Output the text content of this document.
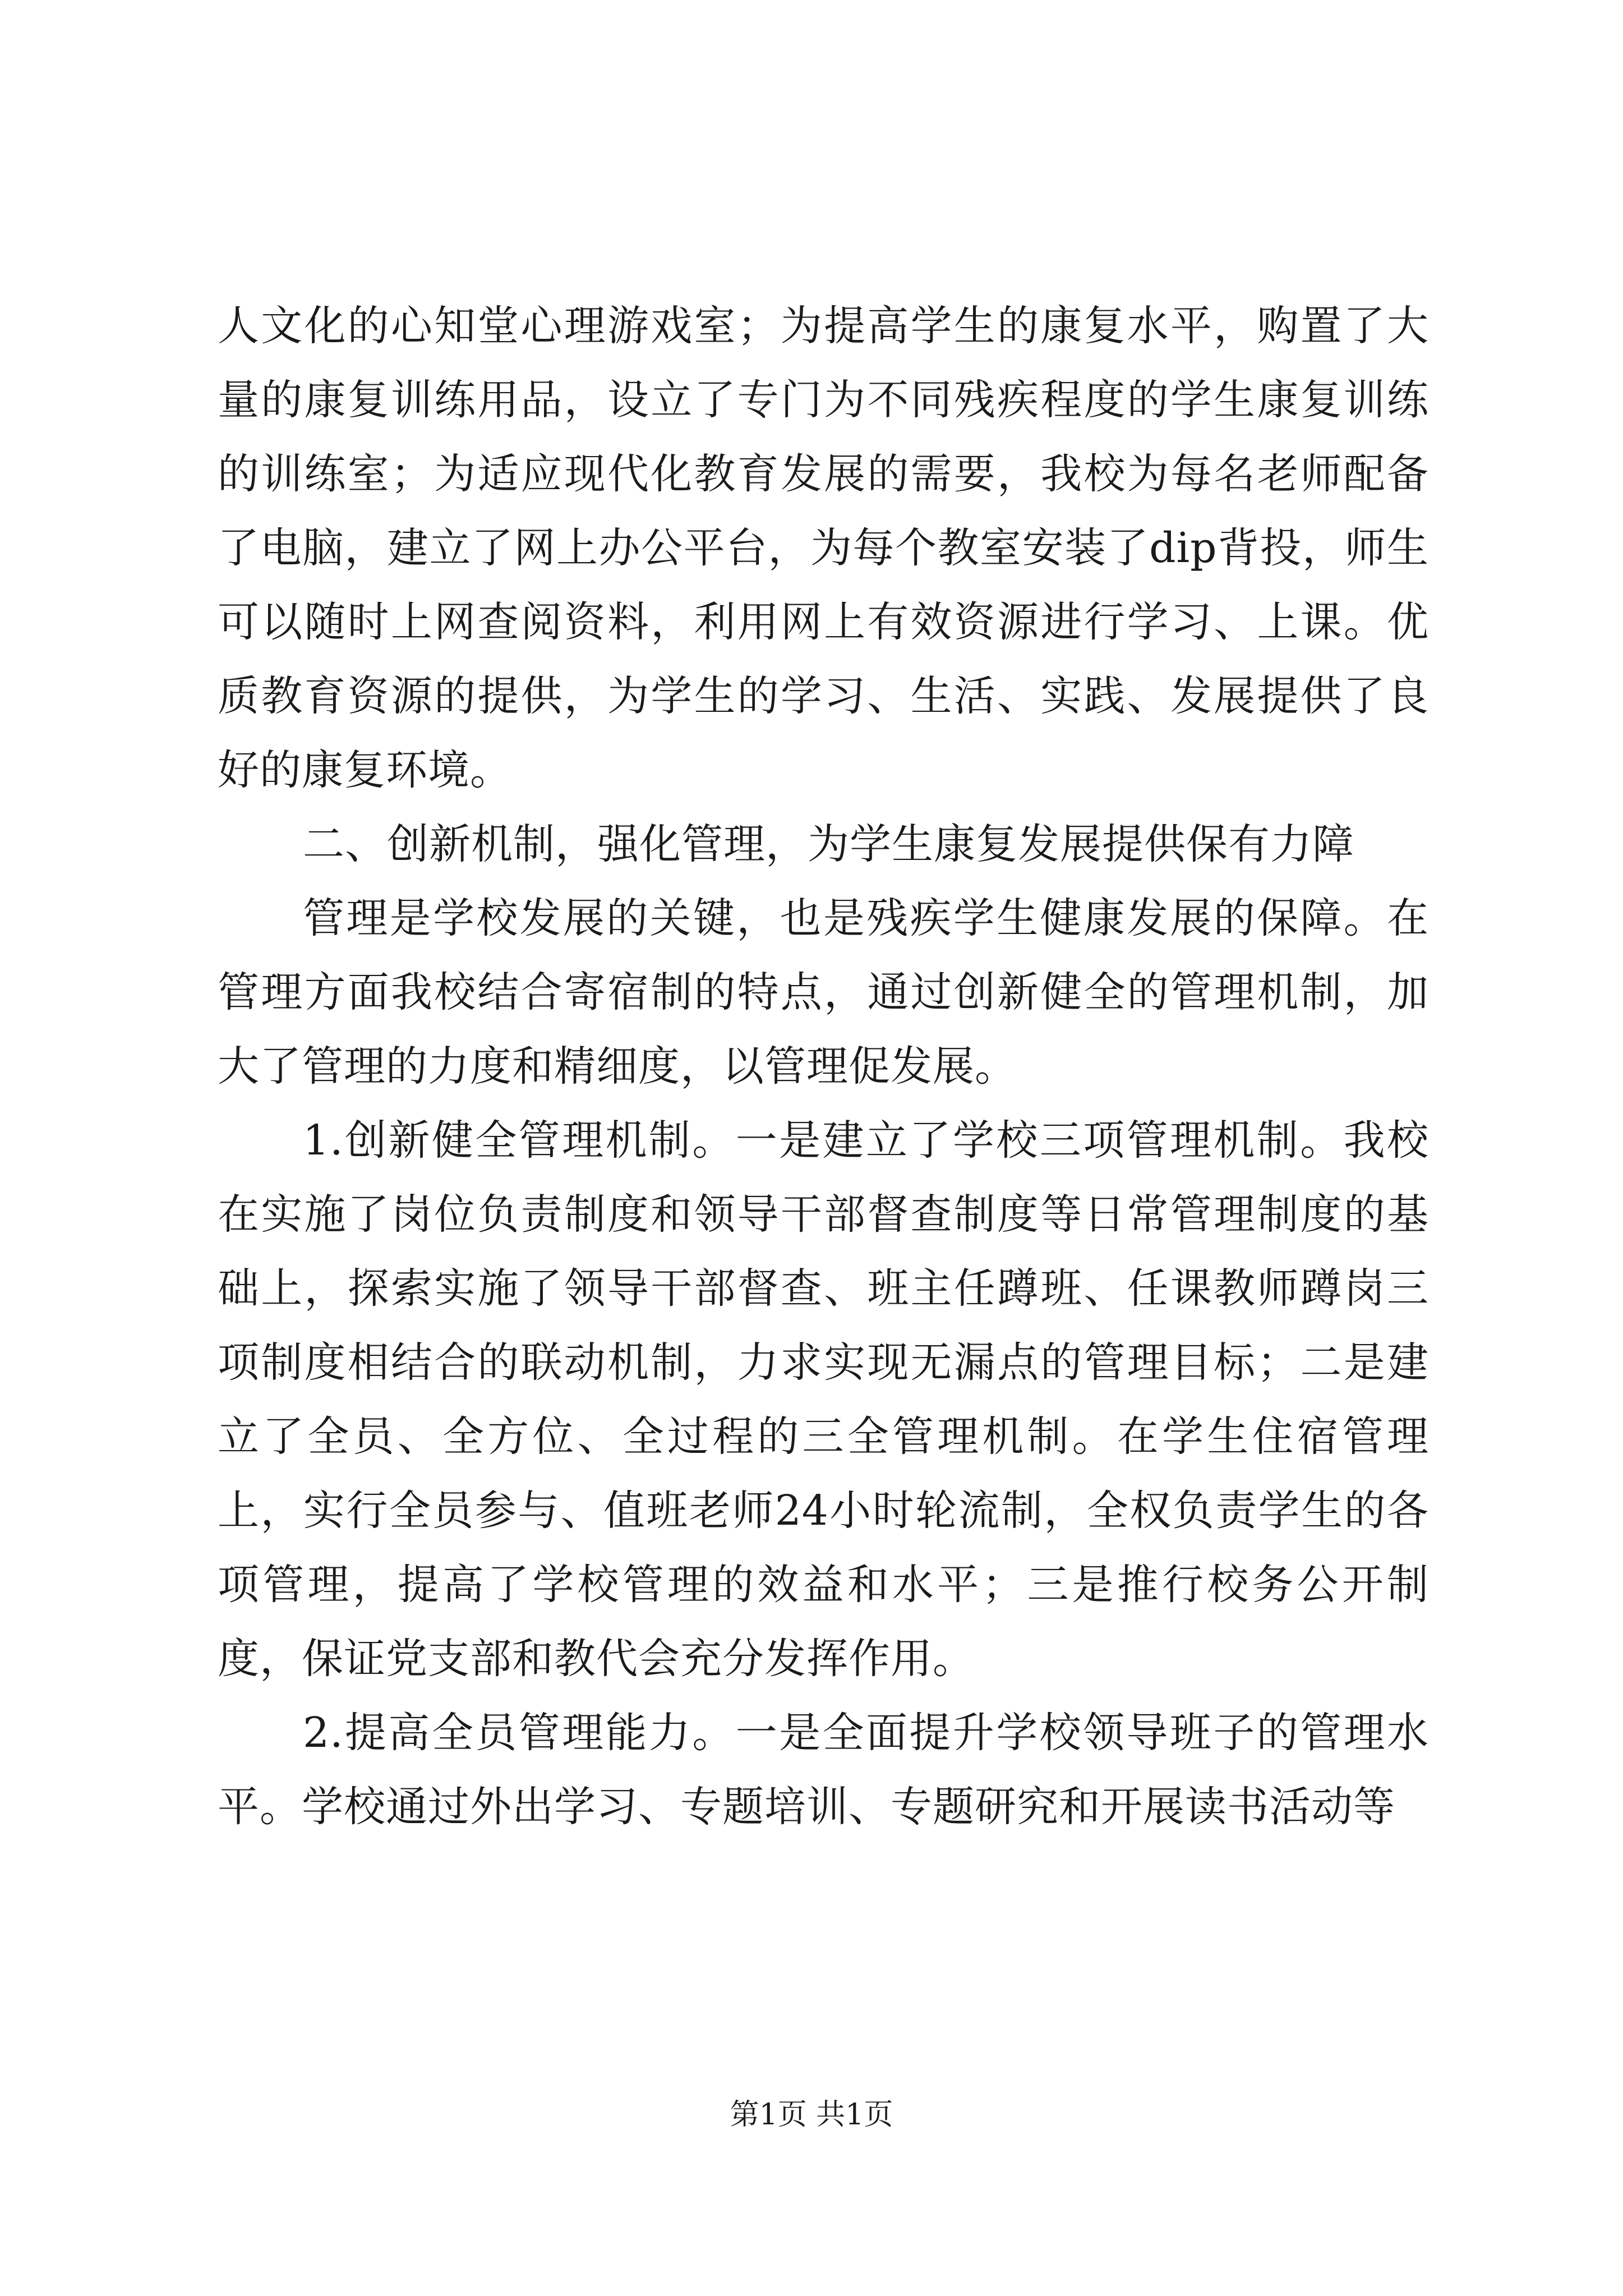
人文化的心知堂心理游戏室；为提高学生的康复水平，购置了大量的康复训练用品，设立了专门为不同残疾程度的学生康复训练的训练室；为适应现代化教育发展的需要，我校为每名老师配备了电脑，建立了网上办公平台，为每个教室安装了dip背投，师生可以随时上网查阅资料，利用网上有效资源进行学习、上课。优质教育资源的提供，为学生的学习、生活、实践、发展提供了良好的康复环境。

二、创新机制，强化管理，为学生康复发展提供保有力障

管理是学校发展的关键，也是残疾学生健康发展的保障。在管理方面我校结合寄宿制的特点，通过创新健全的管理机制，加大了管理的力度和精细度，以管理促发展。

1.创新健全管理机制。一是建立了学校三项管理机制。我校在实施了岗位负责制度和领导干部督查制度等日常管理制度的基础上，探索实施了领导干部督查、班主任蹲班、任课教师蹲岗三项制度相结合的联动机制，力求实现无漏点的管理目标；二是建立了全员、全方位、全过程的三全管理机制。在学生住宿管理上，实行全员参与、值班老师24小时轮流制，全权负责学生的各项管理，提高了学校管理的效益和水平；三是推行校务公开制度，保证党支部和教代会充分发挥作用。

2.提高全员管理能力。一是全面提升学校领导班子的管理水平。学校通过外出学习、专题培训、专题研究和开展读书活动等

第1页 共1页
